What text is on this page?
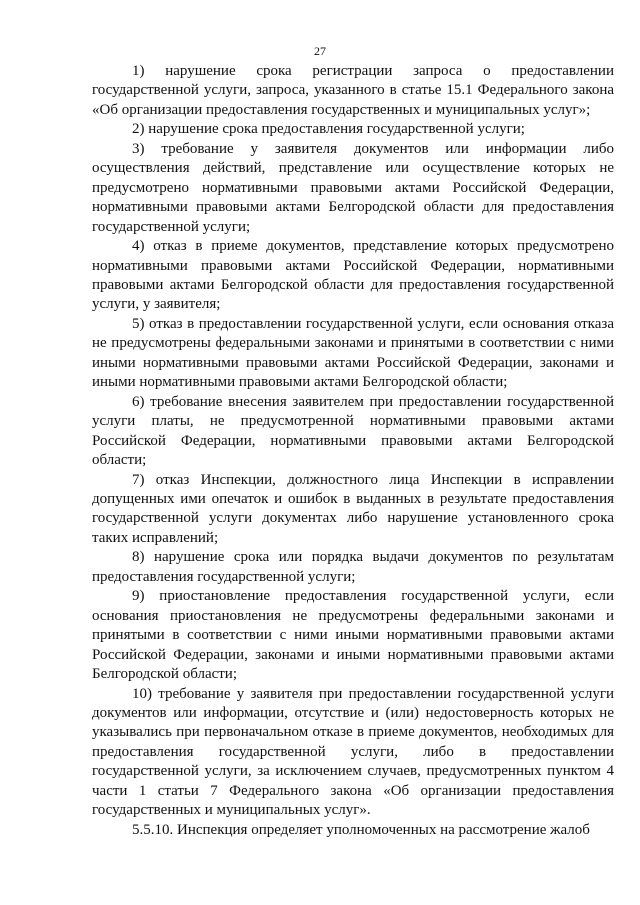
27

1) нарушение срока регистрации запроса о предоставлении государственной услуги, запроса, указанного в статье 15.1 Федерального закона «Об организации предоставления государственных и муниципальных услуг»;

2) нарушение срока предоставления государственной услуги;

3) требование у заявителя документов или информации либо осуществления действий, представление или осуществление которых не предусмотрено нормативными правовыми актами Российской Федерации, нормативными правовыми актами Белгородской области для предоставления государственной услуги;

4) отказ в приеме документов, представление которых предусмотрено нормативными правовыми актами Российской Федерации, нормативными правовыми актами Белгородской области для предоставления государственной услуги, у заявителя;

5) отказ в предоставлении государственной услуги, если основания отказа не предусмотрены федеральными законами и принятыми в соответствии с ними иными нормативными правовыми актами Российской Федерации, законами и иными нормативными правовыми актами Белгородской области;

6) требование внесения заявителем при предоставлении государственной услуги платы, не предусмотренной нормативными правовыми актами Российской Федерации, нормативными правовыми актами Белгородской области;

7) отказ Инспекции, должностного лица Инспекции в исправлении допущенных ими опечаток и ошибок в выданных в результате предоставления государственной услуги документах либо нарушение установленного срока таких исправлений;

8) нарушение срока или порядка выдачи документов по результатам предоставления государственной услуги;

9) приостановление предоставления государственной услуги, если основания приостановления не предусмотрены федеральными законами и принятыми в соответствии с ними иными нормативными правовыми актами Российской Федерации, законами и иными нормативными правовыми актами Белгородской области;

10) требование у заявителя при предоставлении государственной услуги документов или информации, отсутствие и (или) недостоверность которых не указывались при первоначальном отказе в приеме документов, необходимых для предоставления государственной услуги, либо в предоставлении государственной услуги, за исключением случаев, предусмотренных пунктом 4 части 1 статьи 7 Федерального закона «Об организации предоставления государственных и муниципальных услуг».

5.5.10. Инспекция определяет уполномоченных на рассмотрение жалоб
